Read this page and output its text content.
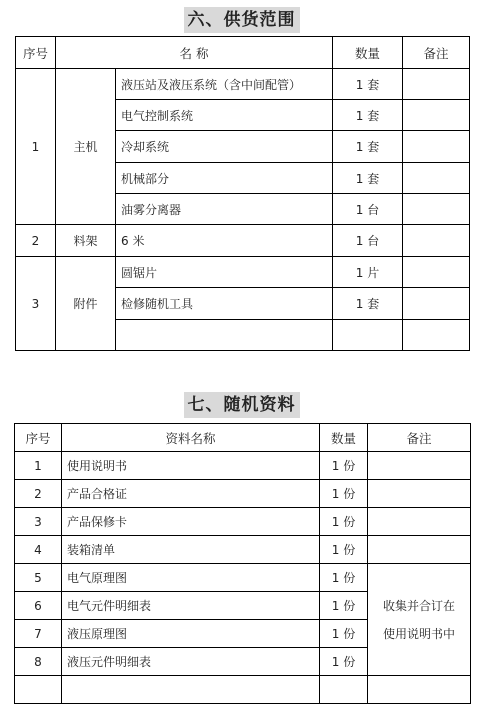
六、供货范围
序号	名 称		数量	备注
1	主机	液压站及液压系统（含中间配管）	1 套	
		电气控制系统	1 套	
		冷却系统	1 套	
		机械部分	1 套	
		油雾分离器	1 台	
2	料架	6 米	1 台	
3	附件	圆锯片	1 片	
		检修随机工具	1 套	

七、随机资料
序号	资料名称	数量	备注
1	使用说明书	1 份	
2	产品合格证	1 份	
3	产品保修卡	1 份	
4	装箱清单	1 份	
5	电气原理图	1 份	收集并合订在
使用说明书中

6	电气元件明细表	1 份	
7	液压原理图	1 份	
8	液压元件明细表	1 份	
